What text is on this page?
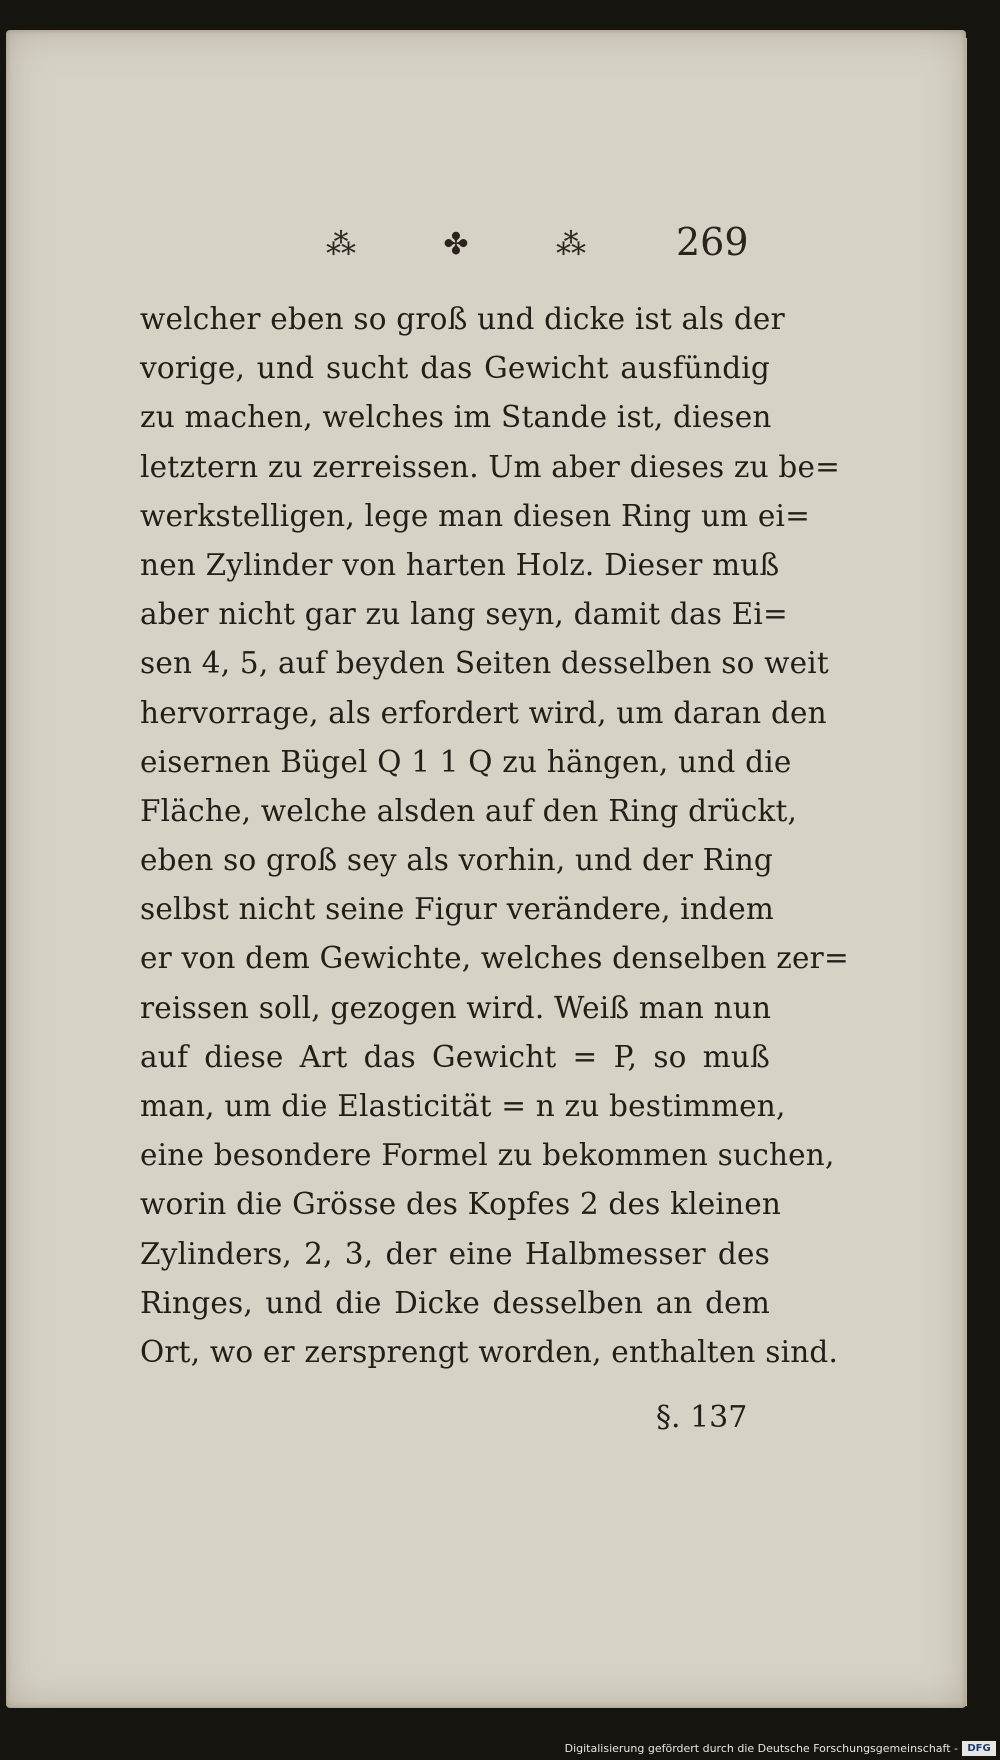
⁂	✤	⁂ 269
welcher eben so groß und dicke ist als der
vorige, und sucht das Gewicht ausfündig
zu machen, welches im Stande ist, diesen
letztern zu zerreissen. Um aber dieses zu be=
werkstelligen, lege man diesen Ring um ei=
nen Zylinder von harten Holz. Dieser muß
aber nicht gar zu lang seyn, damit das Ei=
sen 4, 5, auf beyden Seiten desselben so weit
hervorrage, als erfordert wird, um daran den
eisernen Bügel Q 1 1 Q zu hängen, und die
Fläche, welche alsden auf den Ring drückt,
eben so groß sey als vorhin, und der Ring
selbst nicht seine Figur verändere, indem
er von dem Gewichte, welches denselben zer=
reissen soll, gezogen wird. Weiß man nun
auf diese Art das Gewicht = P, so muß
man, um die Elasticität = n zu bestimmen,
eine besondere Formel zu bekommen suchen,
worin die Grösse des Kopfes 2 des kleinen
Zylinders, 2, 3, der eine Halbmesser des
Ringes, und die Dicke desselben an dem
Ort, wo er zersprengt worden, enthalten sind.
§. 137
Digitalisierung gefördert durch die Deutsche Forschungsgemeinschaft - DFG
